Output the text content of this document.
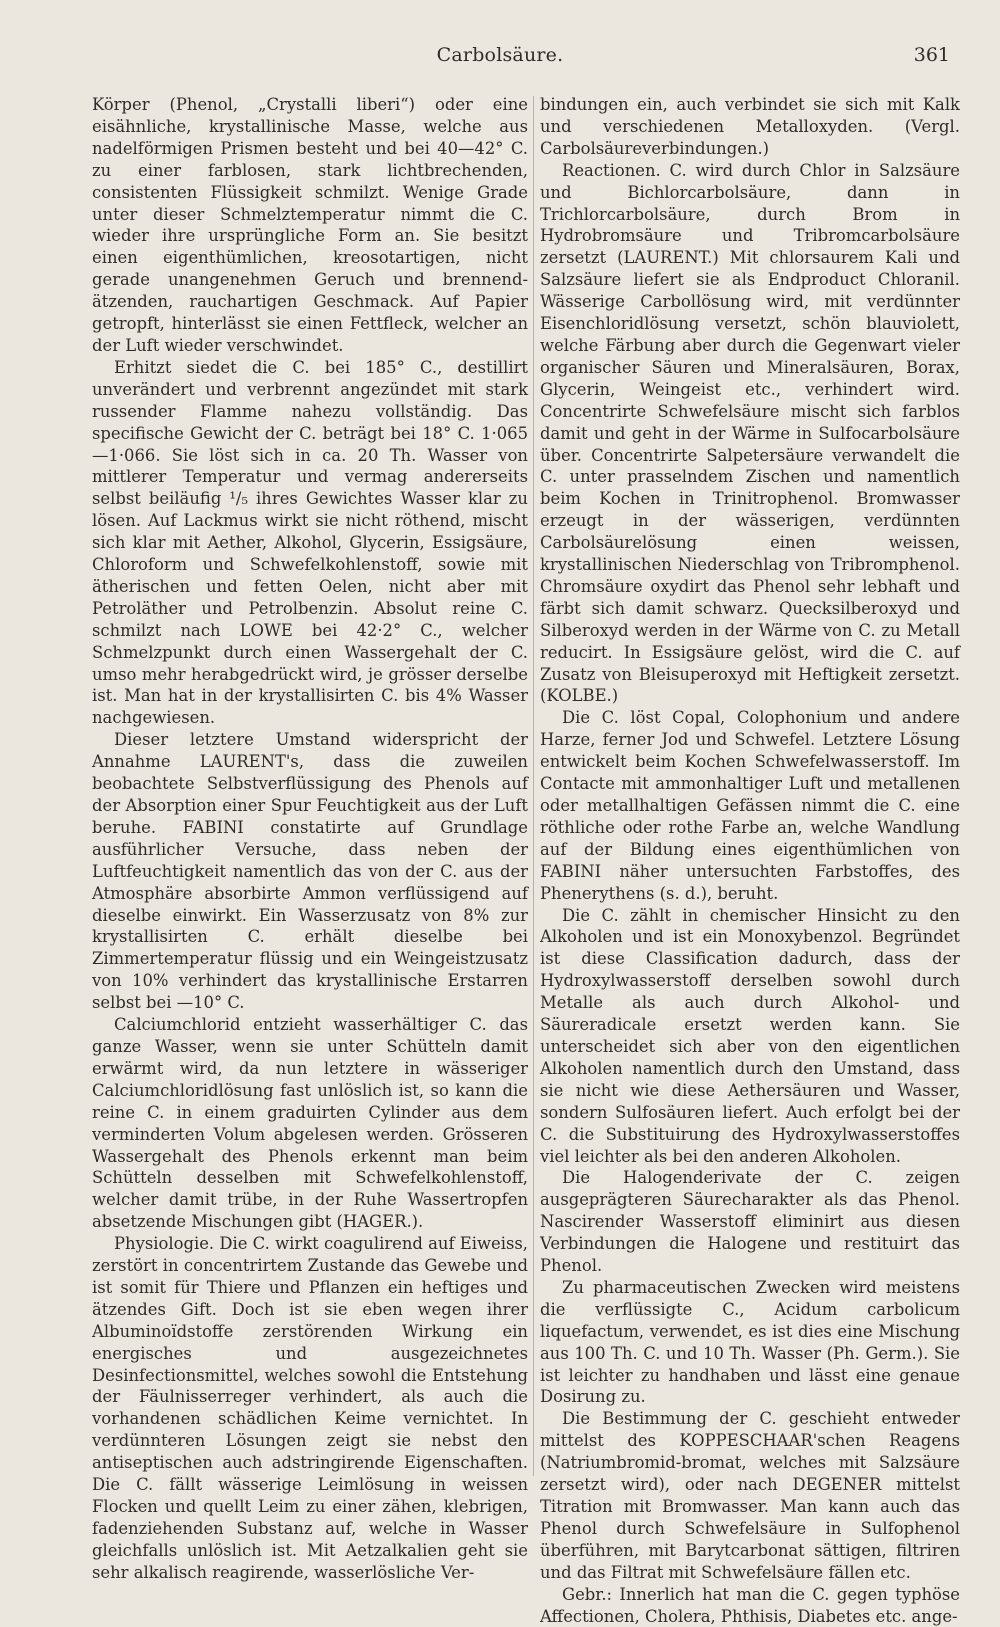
Carbolsäure.	361

Körper (Phenol, „Crystalli liberi“) oder eine eisähnliche, krystallinische Masse, welche aus nadelförmigen Prismen besteht und bei 40—42° C. zu einer farblosen, stark lichtbrechenden, consistenten Flüssigkeit schmilzt. Wenige Grade unter dieser Schmelztemperatur nimmt die C. wieder ihre ursprüngliche Form an. Sie besitzt einen eigenthümlichen, kreosotartigen, nicht gerade unangenehmen Geruch und brennend-ätzenden, rauchartigen Geschmack. Auf Papier getropft, hinterlässt sie einen Fettfleck, welcher an der Luft wieder verschwindet.

Erhitzt siedet die C. bei 185° C., destillirt unverändert und verbrennt angezündet mit stark russender Flamme nahezu vollständig. Das specifische Gewicht der C. beträgt bei 18° C. 1·065—1·066. Sie löst sich in ca. 20 Th. Wasser von mittlerer Temperatur und vermag andererseits selbst beiläufig ¹/₅ ihres Gewichtes Wasser klar zu lösen. Auf Lackmus wirkt sie nicht röthend, mischt sich klar mit Aether, Alkohol, Glycerin, Essigsäure, Chloroform und Schwefelkohlenstoff, sowie mit ätherischen und fetten Oelen, nicht aber mit Petroläther und Petrolbenzin. Absolut reine C. schmilzt nach LOWE bei 42·2° C., welcher Schmelzpunkt durch einen Wassergehalt der C. umso mehr herabgedrückt wird, je grösser derselbe ist. Man hat in der krystallisirten C. bis 4% Wasser nachgewiesen.

Dieser letztere Umstand widerspricht der Annahme LAURENT's, dass die zuweilen beobachtete Selbstverflüssigung des Phenols auf der Absorption einer Spur Feuchtigkeit aus der Luft beruhe. FABINI constatirte auf Grundlage ausführlicher Versuche, dass neben der Luftfeuchtigkeit namentlich das von der C. aus der Atmosphäre absorbirte Ammon verflüssigend auf dieselbe einwirkt. Ein Wasserzusatz von 8% zur krystallisirten C. erhält dieselbe bei Zimmertemperatur flüssig und ein Weingeistzusatz von 10% verhindert das krystallinische Erstarren selbst bei —10° C.

Calciumchlorid entzieht wasserhältiger C. das ganze Wasser, wenn sie unter Schütteln damit erwärmt wird, da nun letztere in wässeriger Calciumchloridlösung fast unlöslich ist, so kann die reine C. in einem graduirten Cylinder aus dem verminderten Volum abgelesen werden. Grösseren Wassergehalt des Phenols erkennt man beim Schütteln desselben mit Schwefelkohlenstoff, welcher damit trübe, in der Ruhe Wassertropfen absetzende Mischungen gibt (HAGER.).

Physiologie. Die C. wirkt coagulirend auf Eiweiss, zerstört in concentrirtem Zustande das Gewebe und ist somit für Thiere und Pflanzen ein heftiges und ätzendes Gift. Doch ist sie eben wegen ihrer Albuminoïdstoffe zerstörenden Wirkung ein energisches und ausgezeichnetes Desinfectionsmittel, welches sowohl die Entstehung der Fäulnisserreger verhindert, als auch die vorhandenen schädlichen Keime vernichtet. In verdünnteren Lösungen zeigt sie nebst den antiseptischen auch adstringirende Eigenschaften. Die C. fällt wässerige Leimlösung in weissen Flocken und quellt Leim zu einer zähen, klebrigen, fadenziehenden Substanz auf, welche in Wasser gleichfalls unlöslich ist. Mit Aetzalkalien geht sie sehr alkalisch reagirende, wasserlösliche Ver-

bindungen ein, auch verbindet sie sich mit Kalk und verschiedenen Metalloxyden. (Vergl. Carbolsäureverbindungen.)

Reactionen. C. wird durch Chlor in Salzsäure und Bichlorcarbolsäure, dann in Trichlorcarbolsäure, durch Brom in Hydrobromsäure und Tribromcarbolsäure zersetzt (LAURENT.) Mit chlorsaurem Kali und Salzsäure liefert sie als Endproduct Chloranil. Wässerige Carbollösung wird, mit verdünnter Eisenchloridlösung versetzt, schön blauviolett, welche Färbung aber durch die Gegenwart vieler organischer Säuren und Mineralsäuren, Borax, Glycerin, Weingeist etc., verhindert wird. Concentrirte Schwefelsäure mischt sich farblos damit und geht in der Wärme in Sulfocarbolsäure über. Concentrirte Salpetersäure verwandelt die C. unter prasselndem Zischen und namentlich beim Kochen in Trinitrophenol. Bromwasser erzeugt in der wässerigen, verdünnten Carbolsäurelösung einen weissen, krystallinischen Niederschlag von Tribromphenol. Chromsäure oxydirt das Phenol sehr lebhaft und färbt sich damit schwarz. Quecksilberoxyd und Silberoxyd werden in der Wärme von C. zu Metall reducirt. In Essigsäure gelöst, wird die C. auf Zusatz von Bleisuperoxyd mit Heftigkeit zersetzt. (KOLBE.)

Die C. löst Copal, Colophonium und andere Harze, ferner Jod und Schwefel. Letztere Lösung entwickelt beim Kochen Schwefelwasserstoff. Im Contacte mit ammonhaltiger Luft und metallenen oder metallhaltigen Gefässen nimmt die C. eine röthliche oder rothe Farbe an, welche Wandlung auf der Bildung eines eigenthümlichen von FABINI näher untersuchten Farbstoffes, des Phenerythens (s. d.), beruht.

Die C. zählt in chemischer Hinsicht zu den Alkoholen und ist ein Monoxybenzol. Begründet ist diese Classification dadurch, dass der Hydroxylwasserstoff derselben sowohl durch Metalle als auch durch Alkohol- und Säureradicale ersetzt werden kann. Sie unterscheidet sich aber von den eigentlichen Alkoholen namentlich durch den Umstand, dass sie nicht wie diese Aethersäuren und Wasser, sondern Sulfosäuren liefert. Auch erfolgt bei der C. die Substituirung des Hydroxylwasserstoffes viel leichter als bei den anderen Alkoholen.

Die Halogenderivate der C. zeigen ausgeprägteren Säurecharakter als das Phenol. Nascirender Wasserstoff eliminirt aus diesen Verbindungen die Halogene und restituirt das Phenol.

Zu pharmaceutischen Zwecken wird meistens die verflüssigte C., Acidum carbolicum liquefactum, verwendet, es ist dies eine Mischung aus 100 Th. C. und 10 Th. Wasser (Ph. Germ.). Sie ist leichter zu handhaben und lässt eine genaue Dosirung zu.

Die Bestimmung der C. geschieht entweder mittelst des KOPPESCHAAR'schen Reagens (Natriumbromid-bromat, welches mit Salzsäure zersetzt wird), oder nach DEGENER mittelst Titration mit Bromwasser. Man kann auch das Phenol durch Schwefelsäure in Sulfophenol überführen, mit Barytcarbonat sättigen, filtriren und das Filtrat mit Schwefelsäure fällen etc.

Gebr.: Innerlich hat man die C. gegen typhöse Affectionen, Cholera, Phthisis, Diabetes etc. ange-
